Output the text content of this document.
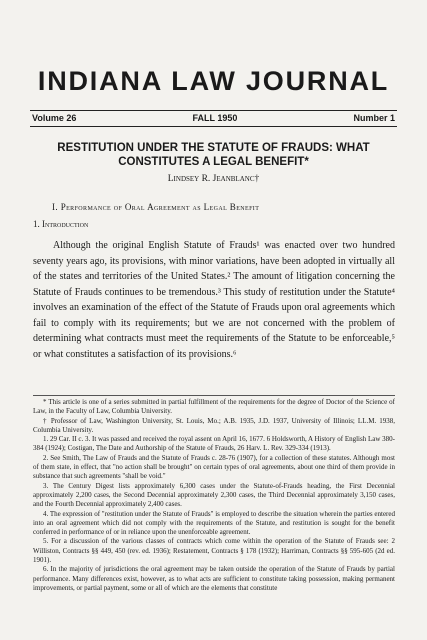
INDIANA LAW JOURNAL
Volume 26	FALL 1950	Number 1
RESTITUTION UNDER THE STATUTE OF FRAUDS: WHAT CONSTITUTES A LEGAL BENEFIT*
Lindsey R. Jeanblanc†
I. Performance of Oral Agreement as Legal Benefit
1. Introduction

Although the original English Statute of Frauds¹ was enacted over two hundred seventy years ago, its provisions, with minor variations, have been adopted in virtually all of the states and territories of the United States.² The amount of litigation concerning the Statute of Frauds continues to be tremendous.³ This study of restitution under the Statute⁴ involves an examination of the effect of the Statute of Frauds upon oral agreements which fail to comply with its requirements; but we are not concerned with the problem of determining what contracts must meet the requirements of the Statute to be enforceable,⁵ or what constitutes a satisfaction of its provisions.⁶

* This article is one of a series submitted in partial fulfillment of the requirements for the degree of Doctor of the Science of Law, in the Faculty of Law, Columbia University.

† Professor of Law, Washington University, St. Louis, Mo.; A.B. 1935, J.D. 1937, University of Illinois; LL.M. 1938, Columbia University.

1. 29 Car. II c. 3. It was passed and received the royal assent on April 16, 1677. 6 Holdsworth, A History of English Law 380-384 (1924); Costigan, The Date and Authorship of the Statute of Frauds, 26 Harv. L. Rev. 329-334 (1913).

2. See Smith, The Law of Frauds and the Statute of Frauds c. 28-76 (1907), for a collection of these statutes. Although most of them state, in effect, that "no action shall be brought" on certain types of oral agreements, about one third of them provide in substance that such agreements "shall be void."

3. The Century Digest lists approximately 6,300 cases under the Statute-of-Frauds heading, the First Decennial approximately 2,200 cases, the Second Decennial approximately 2,300 cases, the Third Decennial approximately 3,150 cases, and the Fourth Decennial approximately 2,400 cases.

4. The expression of "restitution under the Statute of Frauds" is employed to describe the situation wherein the parties entered into an oral agreement which did not comply with the requirements of the Statute, and restitution is sought for the benefit conferred in performance of or in reliance upon the unenforceable agreement.

5. For a discussion of the various classes of contracts which come within the operation of the Statute of Frauds see: 2 Williston, Contracts §§ 449, 450 (rev. ed. 1936); Restatement, Contracts § 178 (1932); Harriman, Contracts §§ 595-605 (2d ed. 1901).

6. In the majority of jurisdictions the oral agreement may be taken outside the operation of the Statute of Frauds by partial performance. Many differences exist, however, as to what acts are sufficient to constitute taking possession, making permanent improvements, or partial payment, some or all of which are the elements that constitute
